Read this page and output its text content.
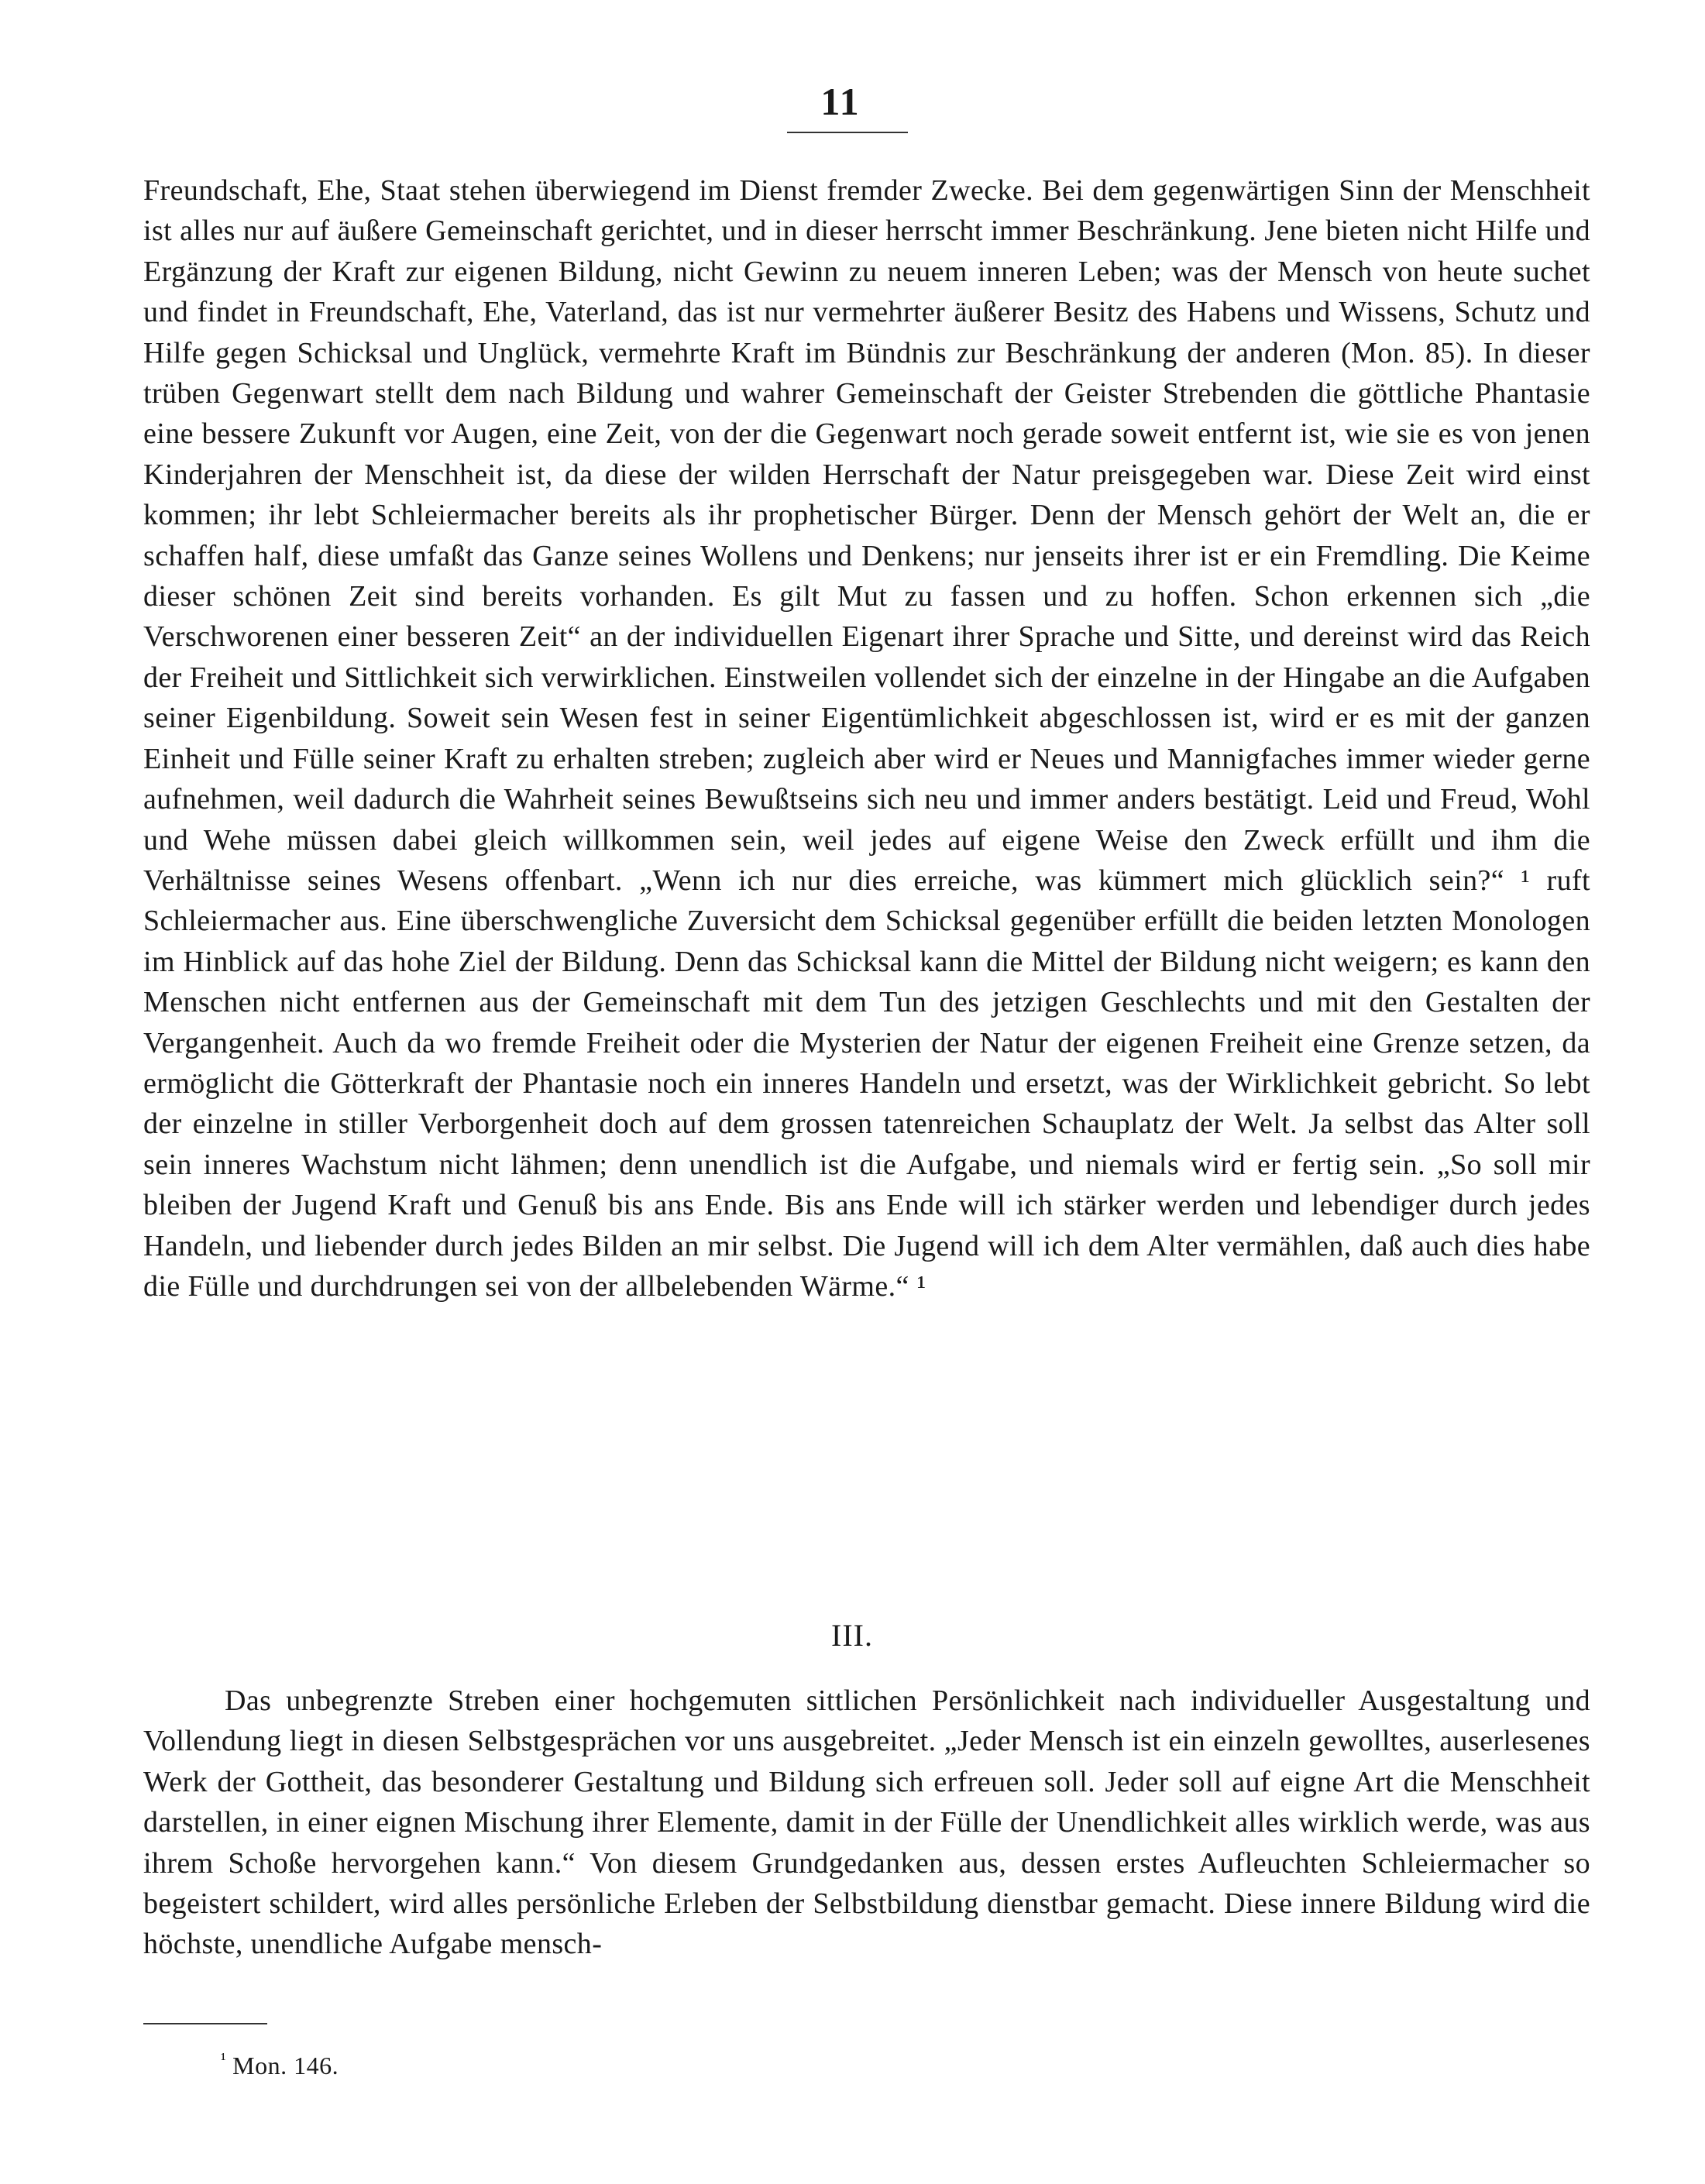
11

Freundschaft, Ehe, Staat stehen überwiegend im Dienst fremder Zwecke. Bei dem gegenwärtigen Sinn der Menschheit ist alles nur auf äußere Gemeinschaft gerichtet, und in dieser herrscht immer Beschränkung. Jene bieten nicht Hilfe und Ergänzung der Kraft zur eigenen Bildung, nicht Gewinn zu neuem inneren Leben; was der Mensch von heute suchet und findet in Freundschaft, Ehe, Vaterland, das ist nur vermehrter äußerer Besitz des Habens und Wissens, Schutz und Hilfe gegen Schicksal und Unglück, vermehrte Kraft im Bündnis zur Beschränkung der anderen (Mon. 85). In dieser trüben Gegenwart stellt dem nach Bildung und wahrer Gemeinschaft der Geister Strebenden die göttliche Phantasie eine bessere Zukunft vor Augen, eine Zeit, von der die Gegenwart noch gerade soweit entfernt ist, wie sie es von jenen Kinderjahren der Menschheit ist, da diese der wilden Herrschaft der Natur preisgegeben war. Diese Zeit wird einst kommen; ihr lebt Schleiermacher bereits als ihr prophetischer Bürger. Denn der Mensch gehört der Welt an, die er schaffen half, diese umfaßt das Ganze seines Wollens und Denkens; nur jenseits ihrer ist er ein Fremdling. Die Keime dieser schönen Zeit sind bereits vorhanden. Es gilt Mut zu fassen und zu hoffen. Schon erkennen sich „die Verschworenen einer besseren Zeit“ an der individuellen Eigenart ihrer Sprache und Sitte, und dereinst wird das Reich der Freiheit und Sittlichkeit sich verwirklichen. Einstweilen vollendet sich der einzelne in der Hingabe an die Aufgaben seiner Eigenbildung. Soweit sein Wesen fest in seiner Eigentümlichkeit abgeschlossen ist, wird er es mit der ganzen Einheit und Fülle seiner Kraft zu erhalten streben; zugleich aber wird er Neues und Mannigfaches immer wieder gerne aufnehmen, weil dadurch die Wahrheit seines Bewußtseins sich neu und immer anders bestätigt. Leid und Freud, Wohl und Wehe müssen dabei gleich willkommen sein, weil jedes auf eigene Weise den Zweck erfüllt und ihm die Verhältnisse seines Wesens offenbart. „Wenn ich nur dies erreiche, was kümmert mich glücklich sein?“ ¹ ruft Schleiermacher aus. Eine überschwengliche Zuversicht dem Schicksal gegenüber erfüllt die beiden letzten Monologen im Hinblick auf das hohe Ziel der Bildung. Denn das Schicksal kann die Mittel der Bildung nicht weigern; es kann den Menschen nicht entfernen aus der Gemeinschaft mit dem Tun des jetzigen Geschlechts und mit den Gestalten der Vergangenheit. Auch da wo fremde Freiheit oder die Mysterien der Natur der eigenen Freiheit eine Grenze setzen, da ermöglicht die Götterkraft der Phantasie noch ein inneres Handeln und ersetzt, was der Wirklichkeit gebricht. So lebt der einzelne in stiller Verborgenheit doch auf dem grossen tatenreichen Schauplatz der Welt. Ja selbst das Alter soll sein inneres Wachstum nicht lähmen; denn unendlich ist die Aufgabe, und niemals wird er fertig sein. „So soll mir bleiben der Jugend Kraft und Genuß bis ans Ende. Bis ans Ende will ich stärker werden und lebendiger durch jedes Handeln, und liebender durch jedes Bilden an mir selbst. Die Jugend will ich dem Alter vermählen, daß auch dies habe die Fülle und durchdrungen sei von der allbelebenden Wärme.“ ¹

III.

Das unbegrenzte Streben einer hochgemuten sittlichen Persönlichkeit nach individueller Ausgestaltung und Vollendung liegt in diesen Selbstgesprächen vor uns ausgebreitet. „Jeder Mensch ist ein einzeln gewolltes, auserlesenes Werk der Gottheit, das besonderer Gestaltung und Bildung sich erfreuen soll. Jeder soll auf eigne Art die Menschheit darstellen, in einer eignen Mischung ihrer Elemente, damit in der Fülle der Unendlichkeit alles wirklich werde, was aus ihrem Schoße hervorgehen kann.“ Von diesem Grundgedanken aus, dessen erstes Aufleuchten Schleiermacher so begeistert schildert, wird alles persönliche Erleben der Selbstbildung dienstbar gemacht. Diese innere Bildung wird die höchste, unendliche Aufgabe mensch-

$^{^1}$ Mon. 146.
